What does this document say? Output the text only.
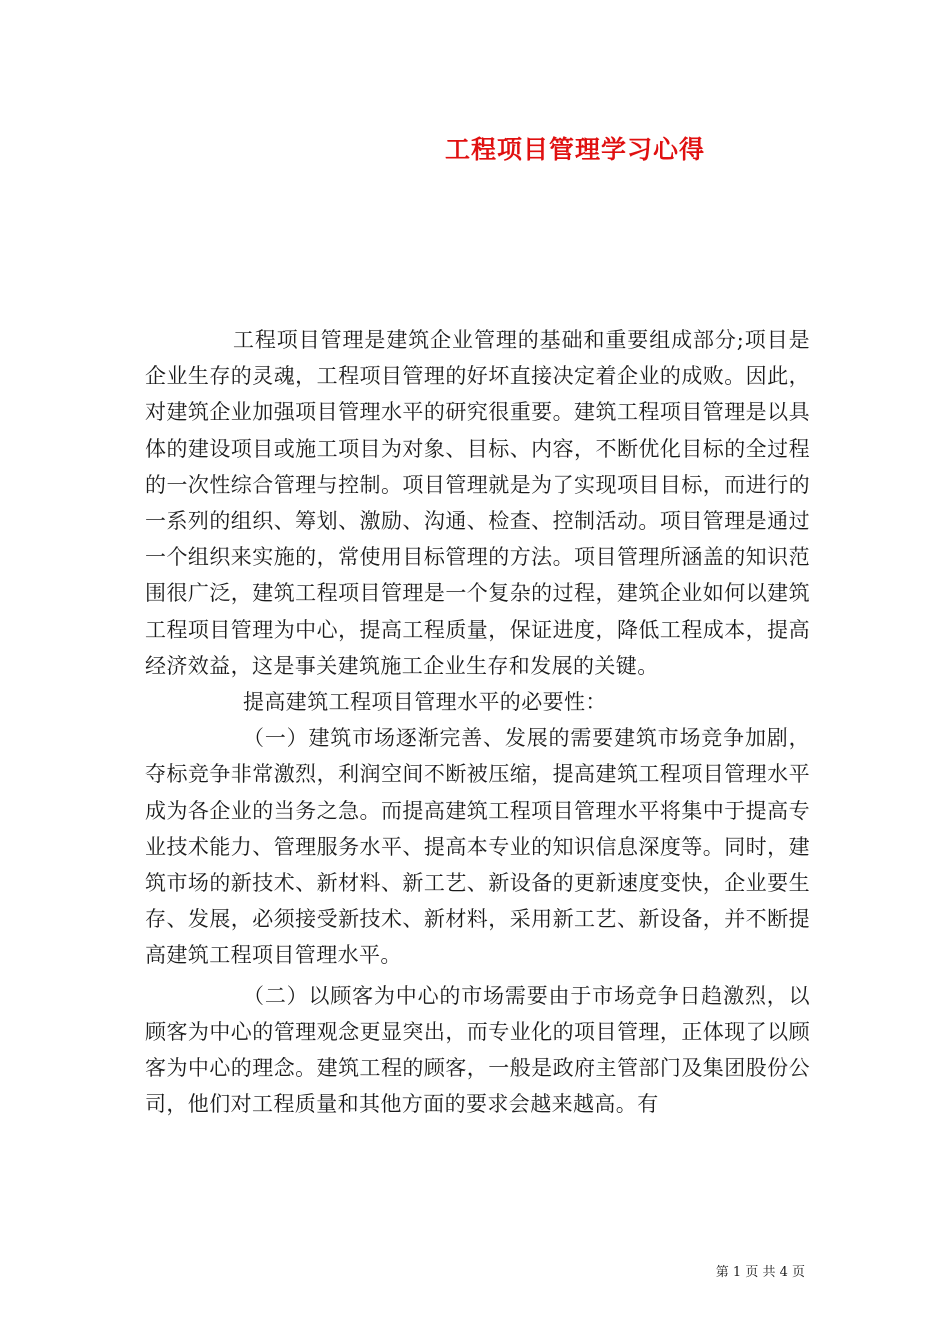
工程项目管理学习心得

工程项目管理是建筑企业管理的基础和重要组成部分;项目是企业生存的灵魂，工程项目管理的好坏直接决定着企业的成败。因此，对建筑企业加强项目管理水平的研究很重要。建筑工程项目管理是以具体的建设项目或施工项目为对象、目标、内容，不断优化目标的全过程的一次性综合管理与控制。项目管理就是为了实现项目目标，而进行的一系列的组织、筹划、激励、沟通、检查、控制活动。项目管理是通过一个组织来实施的，常使用目标管理的方法。项目管理所涵盖的知识范围很广泛，建筑工程项目管理是一个复杂的过程，建筑企业如何以建筑工程项目管理为中心，提高工程质量，保证进度，降低工程成本，提高经济效益，这是事关建筑施工企业生存和发展的关键。

提高建筑工程项目管理水平的必要性：

（一）建筑市场逐渐完善、发展的需要建筑市场竞争加剧，夺标竞争非常激烈，利润空间不断被压缩，提高建筑工程项目管理水平成为各企业的当务之急。而提高建筑工程项目管理水平将集中于提高专业技术能力、管理服务水平、提高本专业的知识信息深度等。同时，建筑市场的新技术、新材料、新工艺、新设备的更新速度变快，企业要生存、发展，必须接受新技术、新材料，采用新工艺、新设备，并不断提高建筑工程项目管理水平。

（二）以顾客为中心的市场需要由于市场竞争日趋激烈，以顾客为中心的管理观念更显突出，而专业化的项目管理，正体现了以顾客为中心的理念。建筑工程的顾客，一般是政府主管部门及集团股份公司，他们对工程质量和其他方面的要求会越来越高。有

第 1 页 共 4 页
